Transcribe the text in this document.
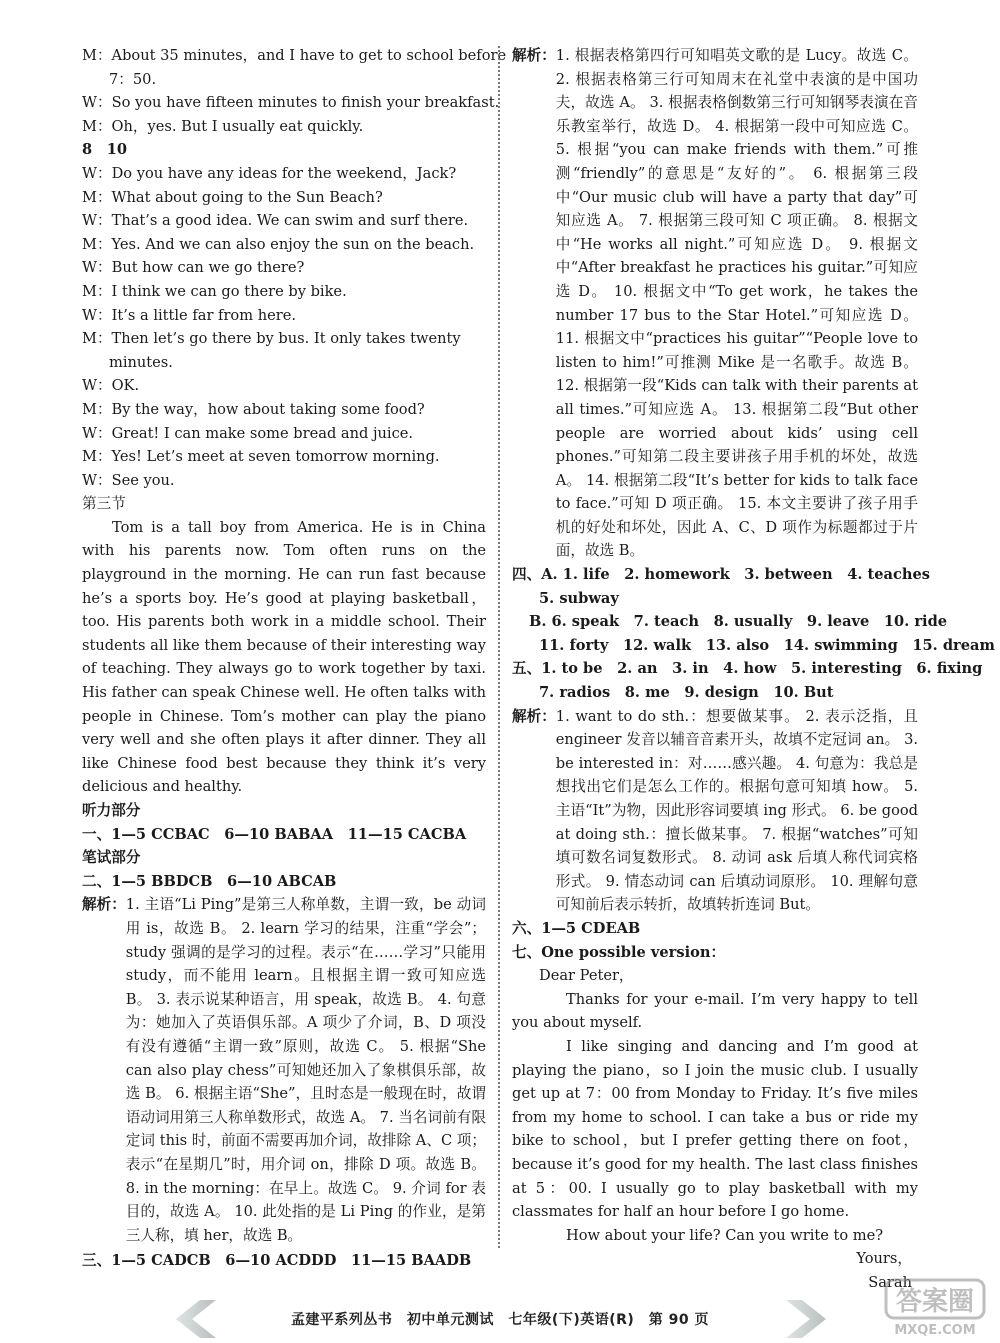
M：About 35 minutes，and I have to get to school before
7：50.
W：So you have fifteen minutes to finish your breakfast.
M：Oh，yes. But I usually eat quickly.
8　10
W：Do you have any ideas for the weekend，Jack?
M：What about going to the Sun Beach?
W：That’s a good idea. We can swim and surf there.
M：Yes. And we can also enjoy the sun on the beach.
W：But how can we go there?
M：I think we can go there by bike.
W：It’s a little far from here.
M：Then let’s go there by bus. It only takes twenty
minutes.
W：OK.
M：By the way，how about taking some food?
W：Great! I can make some bread and juice.
M：Yes! Let’s meet at seven tomorrow morning.
W：See you.
第三节
Tom is a tall boy from America. He is in China with his parents now. Tom often runs on the playground in the morning. He can run fast because he’s a sports boy. He’s good at playing basketball，too. His parents both work in a middle school. Their students all like them because of their interesting way of teaching. They always go to work together by taxi. His father can speak Chinese well. He often talks with people in Chinese. Tom’s mother can play the piano very well and she often plays it after dinner. They all like Chinese food best because they think it’s very delicious and healthy.
听力部分
一、1—5 CCBAC　6—10 BABAA　11—15 CACBA
笔试部分
二、1—5 BBDCB　6—10 ABCAB
解析： 1. 主语“Li Ping”是第三人称单数，主谓一致，be 动词用 is，故选 B。 2. learn 学习的结果，注重“学会”；study 强调的是学习的过程。表示“在……学习”只能用 study，而不能用 learn。且根据主谓一致可知应选 B。 3. 表示说某种语言，用 speak，故选 B。 4. 句意为：她加入了英语俱乐部。A 项少了介词，B、D 项没有没有遵循“主谓一致”原则，故选 C。 5. 根据“She can also play chess”可知她还加入了象棋俱乐部，故选 B。 6. 根据主语“She”，且时态是一般现在时，故谓语动词用第三人称单数形式，故选 A。 7. 当名词前有限定词 this 时，前面不需要再加介词，故排除 A、C 项；表示“在星期几”时，用介词 on，排除 D 项。故选 B。 8. in the morning：在早上。故选 C。 9. 介词 for 表目的，故选 A。 10. 此处指的是 Li Ping 的作业，是第三人称，填 her，故选 B。
三、1—5 CADCB　6—10 ACDDD　11—15 BAADB
解析： 1. 根据表格第四行可知唱英文歌的是 Lucy。故选 C。 2. 根据表格第三行可知周末在礼堂中表演的是中国功夫，故选 A。 3. 根据表格倒数第三行可知钢琴表演在音乐教室举行，故选 D。 4. 根据第一段中可知应选 C。 5. 根据“you can make friends with them.”可推测“friendly”的意思是“友好的”。 6. 根据第三段中“Our music club will have a party that day”可知应选 A。 7. 根据第三段可知 C 项正确。 8. 根据文中“He works all night.”可知应选 D。 9. 根据文中“After breakfast he practices his guitar.”可知应选 D。 10. 根据文中“To get work，he takes the number 17 bus to the Star Hotel.”可知应选 D。 11. 根据文中“practices his guitar”“People love to listen to him!”可推测 Mike 是一名歌手。故选 B。 12. 根据第一段“Kids can talk with their parents at all times.”可知应选 A。 13. 根据第二段“But other people are worried about kids’ using cell phones.”可知第二段主要讲孩子用手机的坏处，故选 A。 14. 根据第二段“It’s better for kids to talk face to face.”可知 D 项正确。 15. 本文主要讲了孩子用手机的好处和坏处，因此 A、C、D 项作为标题都过于片面，故选 B。
四、A. 1. life　2. homework　3. between　4. teaches
5. subway
B. 6. speak　7. teach　8. usually　9. leave　10. ride
11. forty　12. walk　13. also　14. swimming　15. dream
五、1. to be　2. an　3. in　4. how　5. interesting　6. fixing
7. radios　8. me　9. design　10. But
解析： 1. want to do sth.：想要做某事。 2. 表示泛指，且 engineer 发音以辅音音素开头，故填不定冠词 an。 3. be interested in：对……感兴趣。 4. 句意为：我总是想找出它们是怎么工作的。根据句意可知填 how。 5. 主语“It”为物，因此形容词要填 ing 形式。 6. be good at doing sth.：擅长做某事。 7. 根据“watches”可知填可数名词复数形式。 8. 动词 ask 后填人称代词宾格形式。 9. 情态动词 can 后填动词原形。 10. 理解句意可知前后表示转折，故填转折连词 But。
六、1—5 CDEAB
七、One possible version：
Dear Peter，
Thanks for your e-mail. I’m very happy to tell you about myself.
I like singing and dancing and I’m good at playing the piano，so I join the music club. I usually get up at 7：00 from Monday to Friday. It’s five miles from my home to school. I can take a bus or ride my bike to school，but I prefer getting there on foot，because it’s good for my health. The last class finishes at 5：00. I usually go to play basketball with my classmates for half an hour before I go home.
How about your life? Can you write to me?
Yours，
Sarah
孟建平系列丛书　初中单元测试　七年级(下)英语(R)　第 90 页
答案圈
MXQE.COM
